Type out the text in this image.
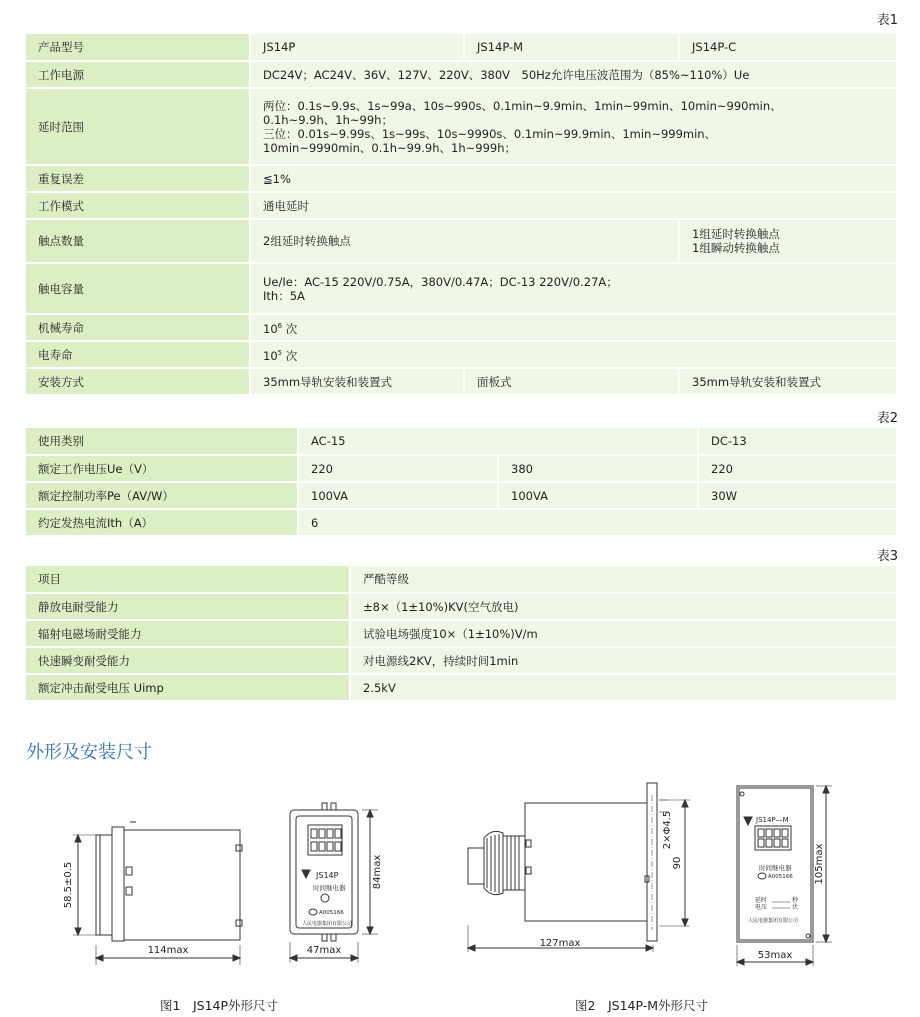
表1
产品型号	JS14P	JS14P-M	JS14P-C
工作电源	DC24V；AC24V、36V、127V、220V、380V　50Hz允许电压波范围为（85%~110%）Ue		
延时范围	两位：0.1s~9.9s、1s~99a、10s~990s、0.1min~9.9min、1min~99min、10min~990min、
0.1h~9.9h、1h~99h；
三位：0.01s~9.99s、1s~99s、10s~9990s、0.1min~99.9min、1min~999min、
10min~9990min、0.1h~99.9h、1h~999h；		

重复误差	≦1%		
工作模式	通电延时		
触点数量	2组延时转换触点		1组延时转换触点
1组瞬动转换触点

触电容量	Ue/Ie：AC-15 220V/0.75A，380V/0.47A；DC-13 220V/0.27A；
Ith：5A		

机械寿命	$10^6$ 次		
电寿命	$10^5$ 次		
安装方式	35mm导轨安装和装置式	面板式	35mm导轨安装和装置式
表2
使用类别	AC-15		DC-13
额定工作电压Ue（V）	220	380	220
额定控制功率Pe（AV/W）	100VA	100VA	30W
约定发热电流Ith（A）	6		
表3
项目	严酷等级
静放电耐受能力	±8×（1±10%)KV(空气放电)
辐射电磁场耐受能力	试验电场强度10×（1±10%)V/m
快速瞬变耐受能力	对电源线2KV，持续时间1min
额定冲击耐受电压 Uimp	2.5kV
外形及安装尺寸
58.5±0.5
114max
JS14P
时间继电器
A005166
人民电器集团有限公司
84max
47max
2×Φ4.5
90
127max
JS14P—M
时间继电器
A005166
延时
电压
秒
伏
人民电器集团有限公司
105max
53max
图1　JS14P外形尺寸	图2　JS14P-M外形尺寸
